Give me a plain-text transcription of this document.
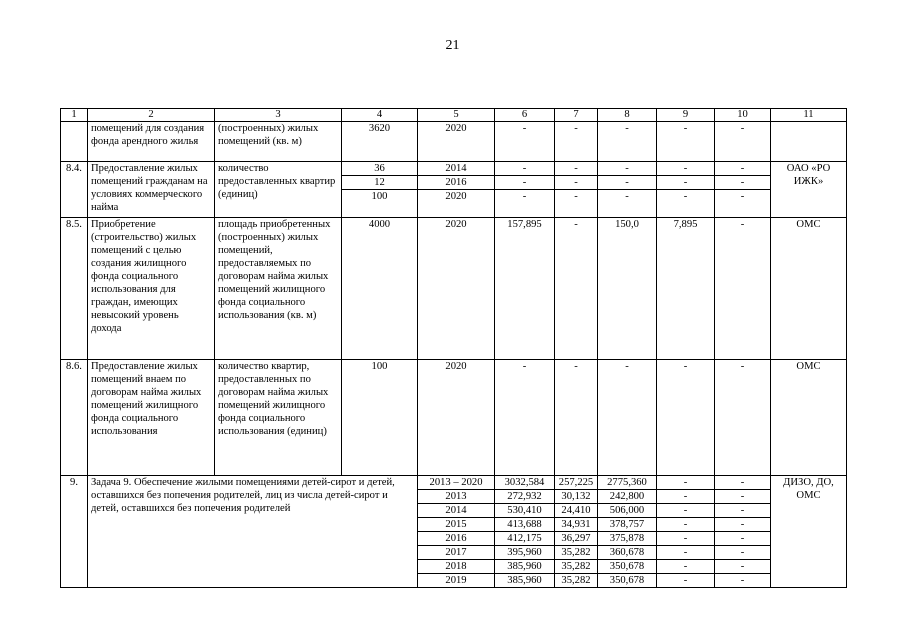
21
1	2	3	4	5	6	7	8	9	10	11
	помещений для создания фонда арендного жилья	(построенных) жилых помещений (кв. м)	3620	2020	-	-	-	-	-	
8.4.	Предоставление жилых помещений гражданам на условиях коммерческого найма	количество предоставленных квартир (единиц)	36	2014	-	-	-	-	-	ОАО «РО ИЖК»
			12	2016	-	-	-	-	-	
			100	2020	-	-	-	-	-	
8.5.	Приобретение (строительство) жилых помещений с целью создания жилищного фонда социального использования для граждан, имеющих невысокий уровень дохода	площадь приобретенных (построенных) жилых помещений, предоставляемых по договорам найма жилых помещений жилищного фонда социального использования (кв. м)	4000	2020	157,895	-	150,0	7,895	-	ОМС
8.6.	Предоставление жилых помещений внаем по договорам найма жилых помещений жилищного фонда социального использования	количество квартир, предоставленных по договорам найма жилых помещений жилищного фонда социального использования (единиц)	100	2020	-	-	-	-	-	ОМС
9.	Задача 9. Обеспечение жилыми помещениями детей-сирот и детей, оставшихся без попечения родителей, лиц из числа детей-сирот и детей, оставшихся без попечения родителей			2013 – 2020	3032,584	257,225	2775,360	-	-	ДИЗО, ДО, ОМС
				2013	272,932	30,132	242,800	-	-	
				2014	530,410	24,410	506,000	-	-	
				2015	413,688	34,931	378,757	-	-	
				2016	412,175	36,297	375,878	-	-	
				2017	395,960	35,282	360,678	-	-	
				2018	385,960	35,282	350,678	-	-	
				2019	385,960	35,282	350,678	-	-	
